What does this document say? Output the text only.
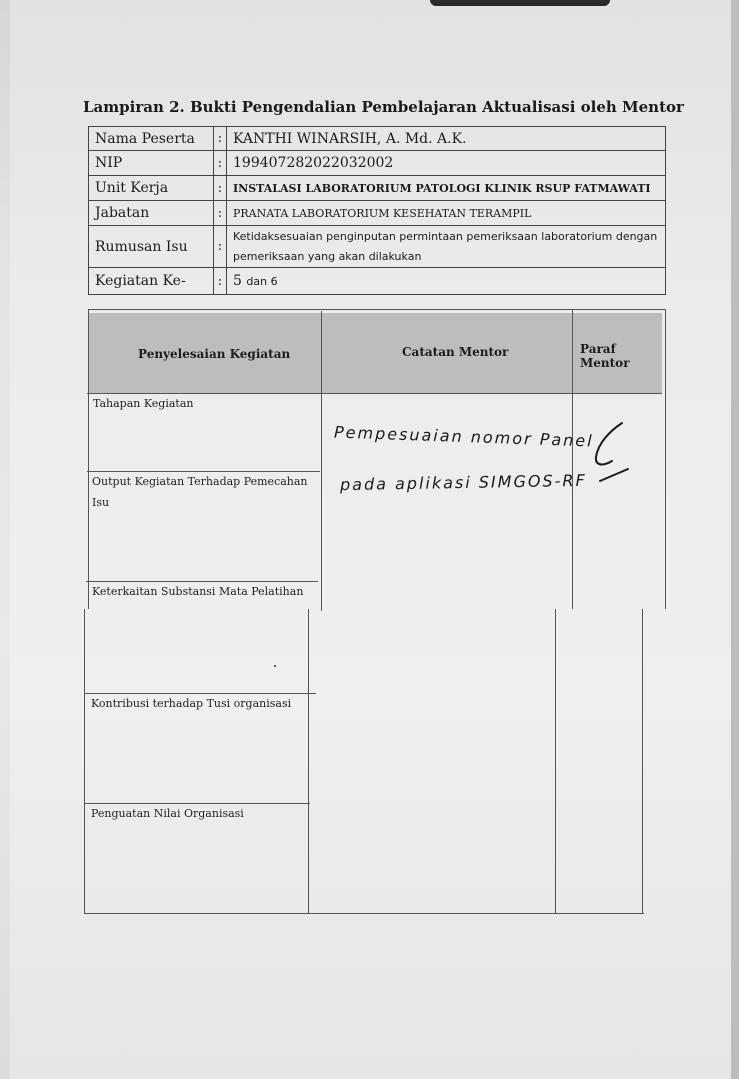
Lampiran 2. Bukti Pengendalian Pembelajaran Aktualisasi oleh Mentor
Nama Peserta	:	KANTHI WINARSIH, A. Md. A.K.
NIP	:	199407282022032002
Unit Kerja	:	INSTALASI LABORATORIUM PATOLOGI KLINIK RSUP FATMAWATI
Jabatan	:	PRANATA LABORATORIUM KESEHATAN TERAMPIL
Rumusan Isu	:	Ketidaksesuaian penginputan permintaan pemeriksaan laboratorium dengan pemeriksaan yang akan dilakukan
Kegiatan Ke-	:	5 dan 6
Penyelesaian Kegiatan	Catatan Mentor	Paraf Mentor
Tahapan Kegiatan
Output Kegiatan Terhadap Pemecahan Isu
Keterkaitan Substansi Mata Pelatihan
Kontribusi terhadap Tusi organisasi
Penguatan Nilai Organisasi
Pempesuaian nomor Panel
pada aplikasi SIMGOS-RF
